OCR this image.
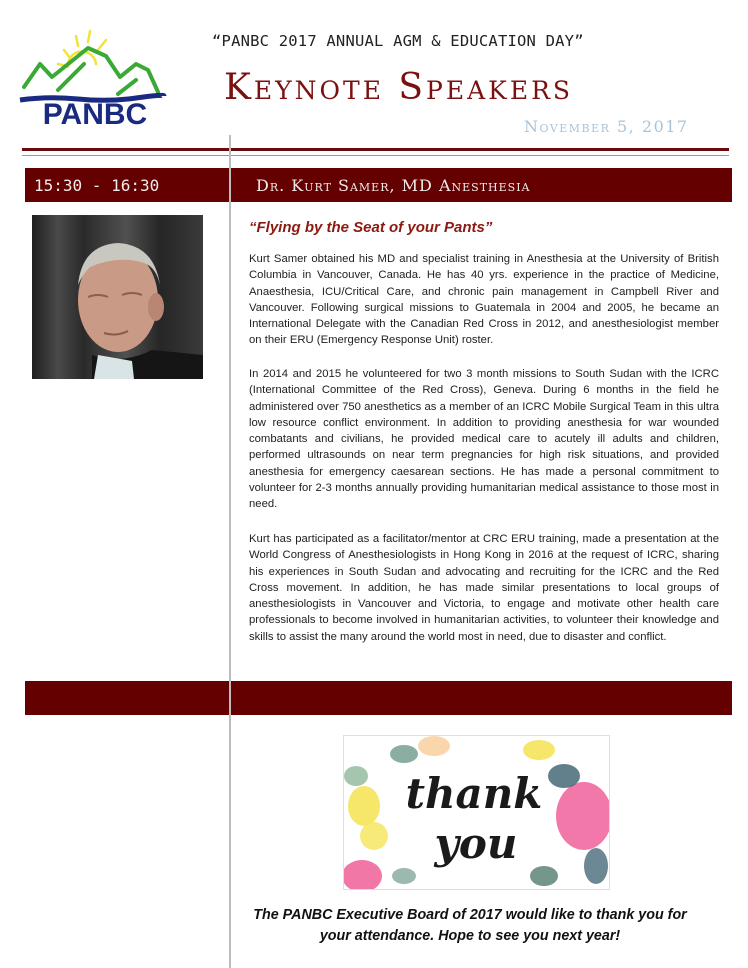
PANBC
“PANBC 2017 ANNUAL AGM & EDUCATION DAY”
Keynote Speakers
November 5, 2017
15:30 - 16:30	Dr. Kurt Samer, MD Anesthesia
“Flying by the Seat of your Pants”
Kurt Samer obtained his MD and specialist training in Anesthesia at the University of British Columbia in Vancouver, Canada. He has 40 yrs. experience in the practice of Medicine, Anaesthesia, ICU/Critical Care, and chronic pain management in Campbell River and Vancouver. Following surgical missions to Guatemala in 2004 and 2005, he became an International Delegate with the Canadian Red Cross in 2012, and anesthesiologist member on their ERU (Emergency Response Unit) roster.
In 2014 and 2015 he volunteered for two 3 month missions to South Sudan with the ICRC (International Committee of the Red Cross), Geneva. During 6 months in the field he administered over 750 anesthetics as a member of an ICRC Mobile Surgical Team in this ultra low resource conflict environment. In addition to providing anesthesia for war wounded combatants and civilians, he provided medical care to acutely ill adults and children, performed ultrasounds on near term pregnancies for high risk situations, and provided anesthesia for emergency caesarean sections. He has made a personal commitment to volunteer for 2-3 months annually providing humanitarian medical assistance to those most in need.
Kurt has participated as a facilitator/mentor at CRC ERU training, made a presentation at the World Congress of Anesthesiologists in Hong Kong in 2016 at the request of ICRC, sharing his experiences in South Sudan and advocating and recruiting for the ICRC and the Red Cross movement. In addition, he has made similar presentations to local groups of anesthesiologists in Vancouver and Victoria, to engage and motivate other health care professionals to become involved in humanitarian activities, to volunteer their knowledge and skills to assist the many around the world most in need, due to disaster and conflict.
thank
you
The PANBC Executive Board of 2017 would like to thank you for your attendance. Hope to see you next year!
